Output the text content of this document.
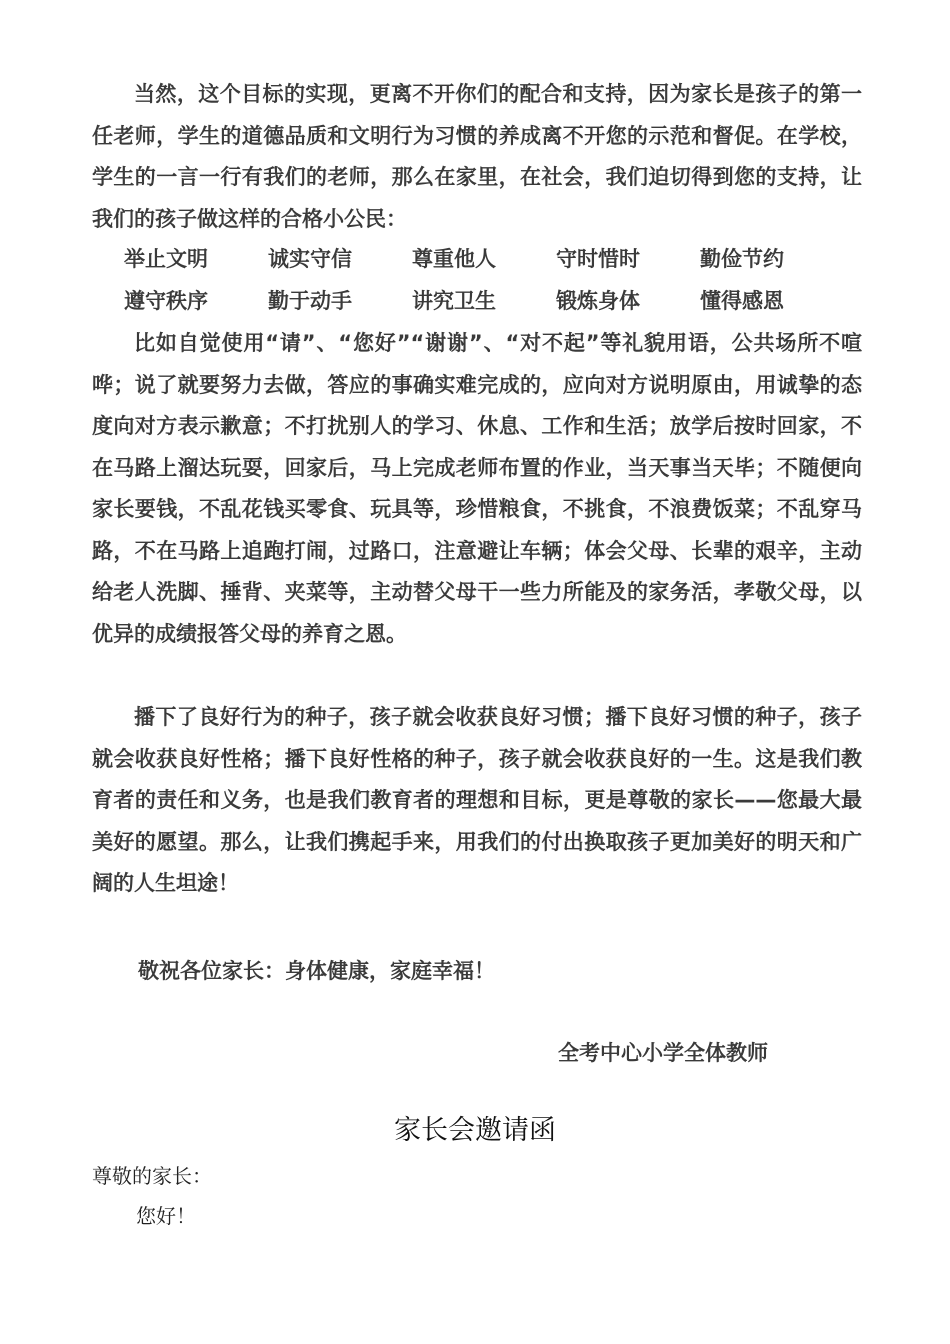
当然，这个目标的实现，更离不开你们的配合和支持，因为家长是孩子的第一任老师，学生的道德品质和文明行为习惯的养成离不开您的示范和督促。在学校，学生的一言一行有我们的老师，那么在家里，在社会，我们迫切得到您的支持，让我们的孩子做这样的合格小公民：

举止文明	诚实守信	尊重他人	守时惜时	勤俭节约
遵守秩序	勤于动手	讲究卫生	锻炼身体	懂得感恩

比如自觉使用“请”、“您好”“谢谢”、“对不起”等礼貌用语，公共场所不喧哗；说了就要努力去做，答应的事确实难完成的，应向对方说明原由，用诚挚的态度向对方表示歉意；不打扰别人的学习、休息、工作和生活；放学后按时回家，不在马路上溜达玩耍，回家后，马上完成老师布置的作业，当天事当天毕；不随便向家长要钱，不乱花钱买零食、玩具等，珍惜粮食，不挑食，不浪费饭菜；不乱穿马路，不在马路上追跑打闹，过路口，注意避让车辆；体会父母、长辈的艰辛，主动给老人洗脚、捶背、夹菜等，主动替父母干一些力所能及的家务活，孝敬父母，以优异的成绩报答父母的养育之恩。

播下了良好行为的种子，孩子就会收获良好习惯；播下良好习惯的种子，孩子就会收获良好性格；播下良好性格的种子，孩子就会收获良好的一生。这是我们教育者的责任和义务，也是我们教育者的理想和目标，更是尊敬的家长——您最大最美好的愿望。那么，让我们携起手来，用我们的付出换取孩子更加美好的明天和广阔的人生坦途！

敬祝各位家长：身体健康，家庭幸福！
全考中心小学全体教师
家长会邀请函
尊敬的家长：
您好！
